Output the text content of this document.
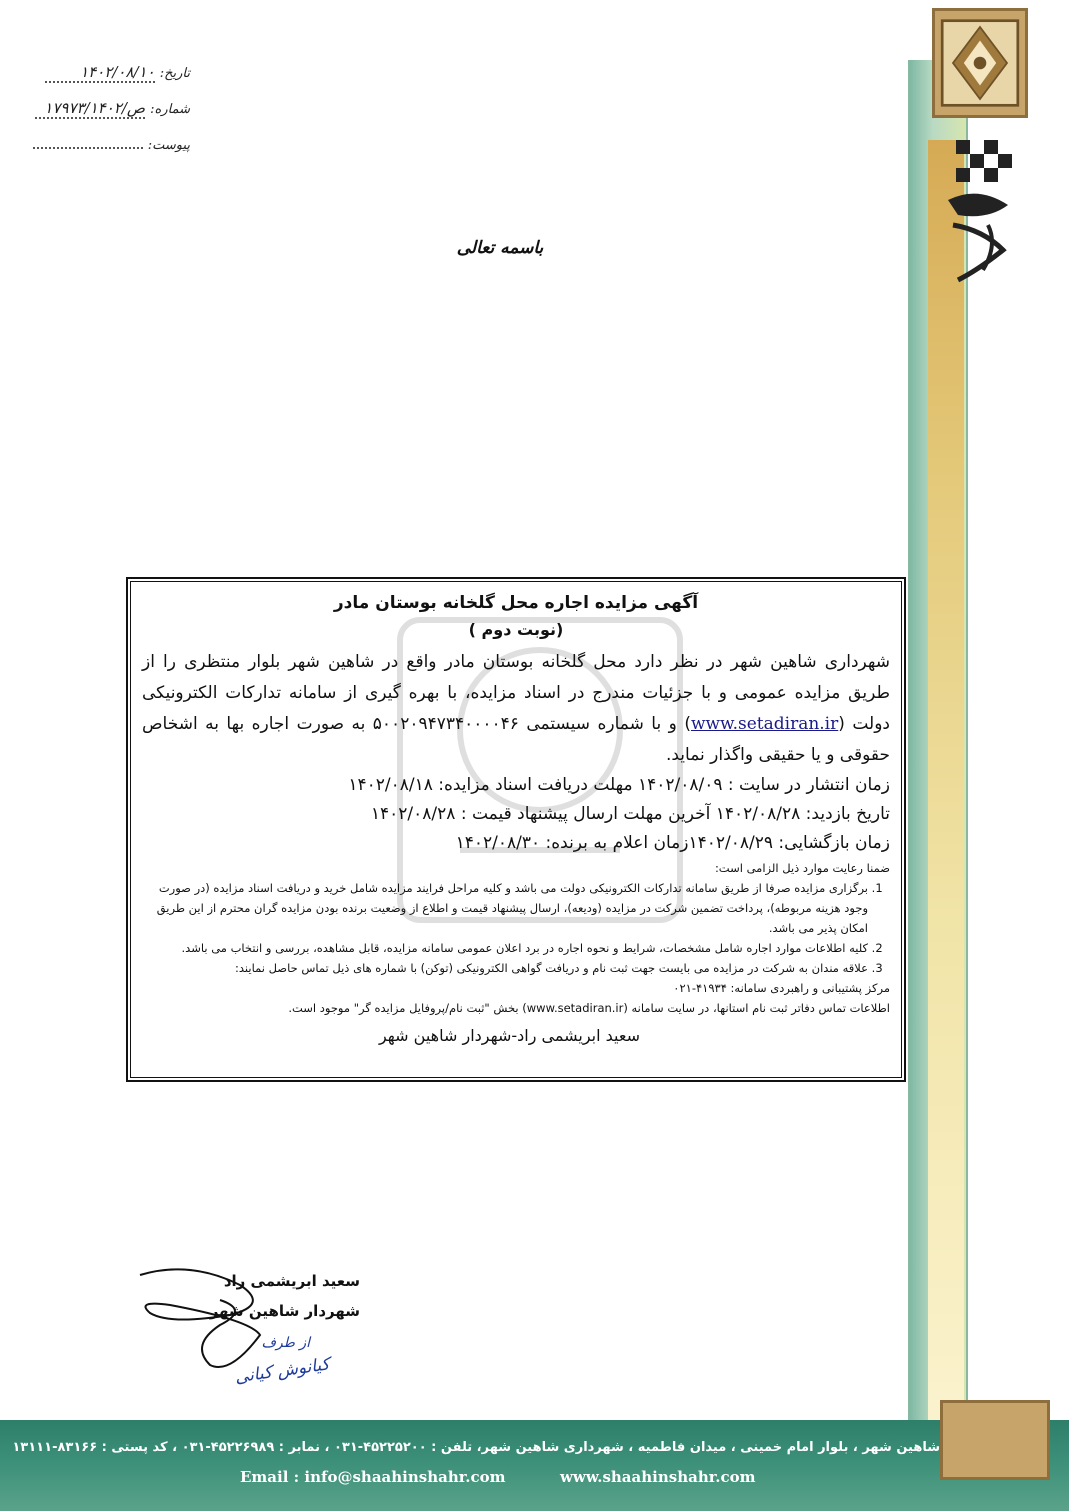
تاریخ: ۱۴۰۲/۰۸/۱۰
شماره: ص/۱۷۹۷۳/۱۴۰۲
پیوست:
باسمه تعالی

آگهی مزایده اجاره محل گلخانه بوستان مادر

(نوبت دوم )

شهرداری شاهین شهر در نظر دارد محل گلخانه بوستان مادر واقع در شاهین شهر بلوار منتظری را از طریق مزایده عمومی و با جزئیات مندرج در اسناد مزایده، با بهره گیری از سامانه تدارکات الکترونیکی دولت (www.setadiran.ir) و با شماره سیستمی ۵۰۰۲۰۹۴۷۳۴۰۰۰۰۴۶ به صورت اجاره بها به اشخاص حقوقی و یا حقیقی واگذار نماید.

زمان انتشار در سایت : ۱۴۰۲/۰۸/۰۹ مهلت دریافت اسناد مزایده: ۱۴۰۲/۰۸/۱۸

تاریخ بازدید: ۱۴۰۲/۰۸/۲۸ آخرین مهلت ارسال پیشنهاد قیمت : ۱۴۰۲/۰۸/۲۸

زمان بازگشایی: ۱۴۰۲/۰۸/۲۹زمان اعلام به برنده: ۱۴۰۲/۰۸/۳۰

ضمنا رعایت موارد ذیل الزامی است:

1. برگزاری مزایده صرفا از طریق سامانه تدارکات الکترونیکی دولت می باشد و کلیه مراحل فرایند مزایده شامل خرید و دریافت اسناد مزایده (در صورت وجود هزینه مربوطه)، پرداخت تضمین شرکت در مزایده (ودیعه)، ارسال پیشنهاد قیمت و اطلاع از وضعیت برنده بودن مزایده گران محترم از این طریق امکان پذیر می باشد.
2. کلیه اطلاعات موارد اجاره شامل مشخصات، شرایط و نحوه اجاره در برد اعلان عمومی سامانه مزایده، قابل مشاهده، بررسی و انتخاب می باشد.
3. علاقه مندان به شرکت در مزایده می بایست جهت ثبت نام و دریافت گواهی الکترونیکی (توکن) با شماره های ذیل تماس حاصل نمایند:

مرکز پشتیبانی و راهبردی سامانه: ۴۱۹۳۴-۰۲۱

اطلاعات تماس دفاتر ثبت نام استانها، در سایت سامانه (www.setadiran.ir) بخش "ثبت نام/پروفایل مزایده گر" موجود است.

سعید ابریشمی راد-شهردار شاهین شهر

سعید ابریشمی راد
شهردار شاهین شهر
از طرف
کیانوش کیانی
شاهین شهر ، بلوار امام خمینی ، میدان فاطمیه ، شهرداری شاهین شهر، تلفن : ۴۵۲۲۵۲۰۰-۰۳۱ ، نمابر : ۴۵۲۲۶۹۸۹-۰۳۱ ، کد پستی : ۸۳۱۶۶-۱۳۱۱۱
Email : info@shaahinshahr.com	www.shaahinshahr.com
